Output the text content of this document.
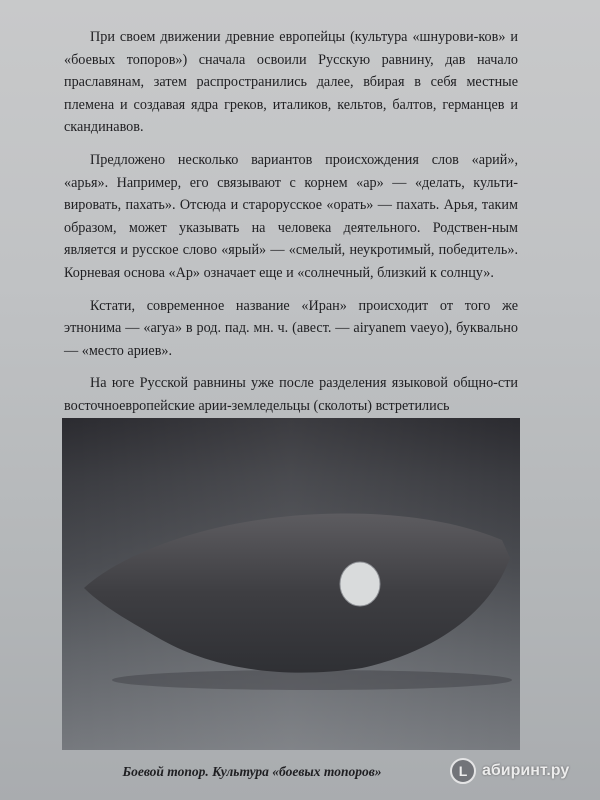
При своем движении древние европейцы (культура «шнурови-ков» и «боевых топоров») сначала освоили Русскую равнину, дав начало праславянам, затем распространились далее, вбирая в себя местные племена и создавая ядра греков, италиков, кельтов, балтов, германцев и скандинавов.

Предложено несколько вариантов происхождения слов «арий», «арья». Например, его связывают с корнем «ар» — «делать, культи-вировать, пахать». Отсюда и старорусское «орать» — пахать. Арья, таким образом, может указывать на человека деятельного. Родствен-ным является и русское слово «ярый» — «смелый, неукротимый, победитель». Корневая основа «Ар» означает еще и «солнечный, близкий к солнцу».

Кстати, современное название «Иран» происходит от того же этнонима — «arya» в род. пад. мн. ч. (авест. — airyanem vaeyo), буквально — «место ариев».

На юге Русской равнины уже после разделения языковой общно-сти восточноевропейские арии-земледельцы (сколоты) встретились

Боевой топор. Культура «боевых топоров»	L абиринт.ру
